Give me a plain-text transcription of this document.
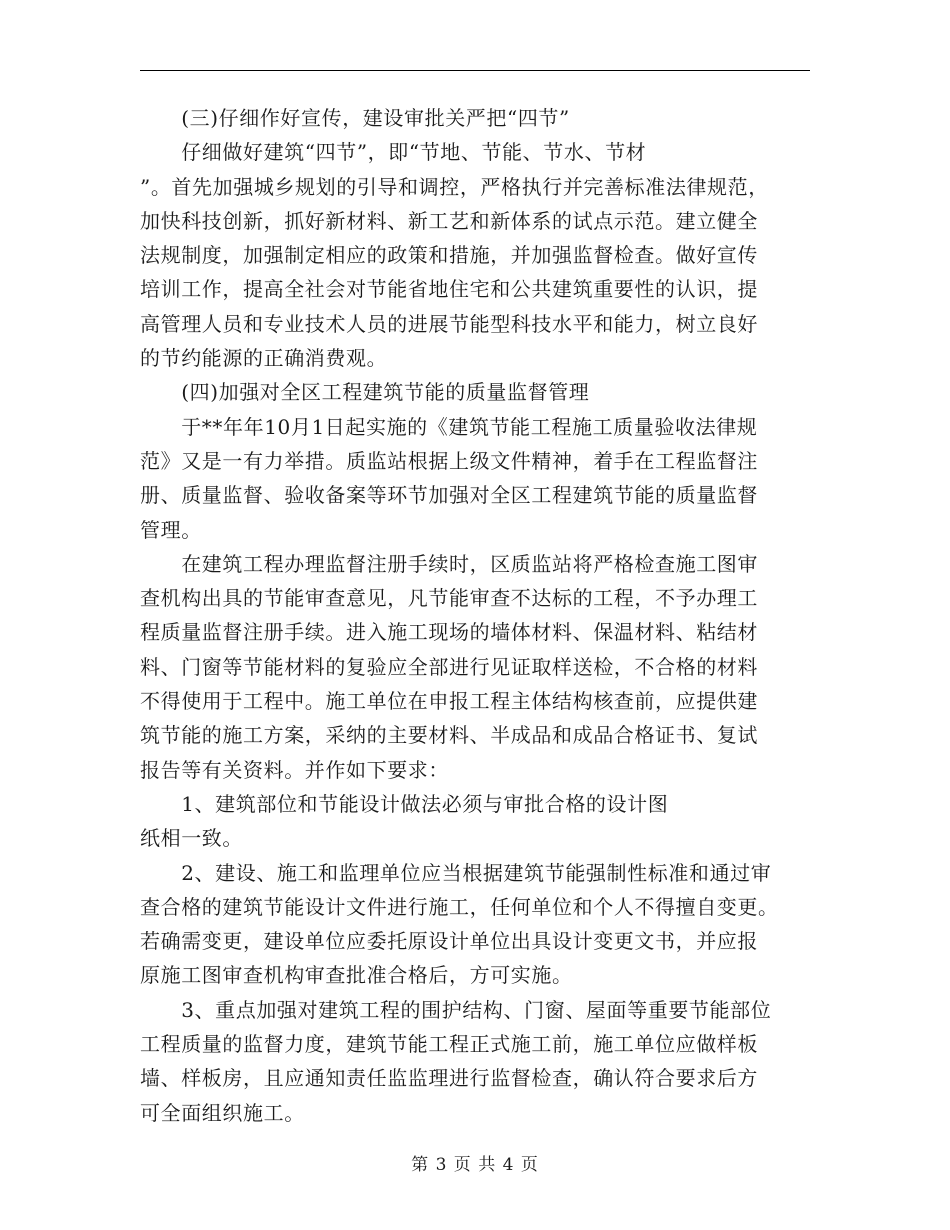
　　(三)仔细作好宣传，建设审批关严把“四节”

　　仔细做好建筑“四节”，即“节地、节能、节水、节材

”。首先加强城乡规划的引导和调控，严格执行并完善标准法律规范，

加快科技创新，抓好新材料、新工艺和新体系的试点示范。建立健全

法规制度，加强制定相应的政策和措施，并加强监督检查。做好宣传

培训工作，提高全社会对节能省地住宅和公共建筑重要性的认识，提

高管理人员和专业技术人员的进展节能型科技水平和能力，树立良好

的节约能源的正确消费观。

　　(四)加强对全区工程建筑节能的质量监督管理

　　于**年年10月1日起实施的《建筑节能工程施工质量验收法律规

范》又是一有力举措。质监站根据上级文件精神，着手在工程监督注

册、质量监督、验收备案等环节加强对全区工程建筑节能的质量监督

管理。

　　在建筑工程办理监督注册手续时，区质监站将严格检查施工图审

查机构出具的节能审查意见，凡节能审查不达标的工程，不予办理工

程质量监督注册手续。进入施工现场的墙体材料、保温材料、粘结材

料、门窗等节能材料的复验应全部进行见证取样送检，不合格的材料

不得使用于工程中。施工单位在申报工程主体结构核查前，应提供建

筑节能的施工方案，采纳的主要材料、半成品和成品合格证书、复试

报告等有关资料。并作如下要求：

　　1、建筑部位和节能设计做法必须与审批合格的设计图

纸相一致。

　　2、建设、施工和监理单位应当根据建筑节能强制性标准和通过审

查合格的建筑节能设计文件进行施工，任何单位和个人不得擅自变更。

若确需变更，建设单位应委托原设计单位出具设计变更文书，并应报

原施工图审查机构审查批准合格后，方可实施。

　　3、重点加强对建筑工程的围护结构、门窗、屋面等重要节能部位

工程质量的监督力度，建筑节能工程正式施工前，施工单位应做样板

墙、样板房，且应通知责任监监理进行监督检查，确认符合要求后方

可全面组织施工。

第 3 页 共 4 页
